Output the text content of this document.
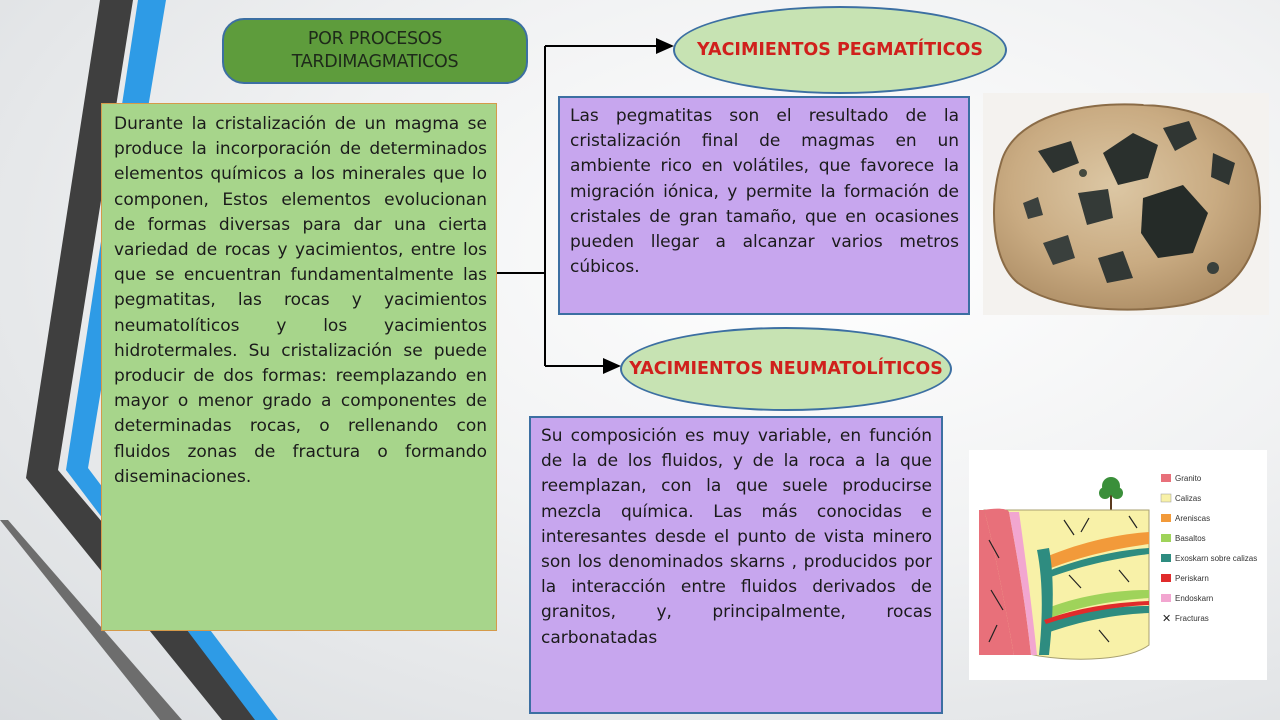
POR PROCESOS TARDIMAGMATICOS
YACIMIENTOS PEGMATÍTICOS
YACIMIENTOS NEUMATOLÍTICOS
Durante la cristalización de un magma se produce la incorporación de determinados elementos químicos a los minerales que lo componen, Estos elementos evolucionan de formas diversas para dar una cierta variedad de rocas y yacimientos, entre los que se encuentran fundamentalmente las pegmatitas, las rocas y yacimientos neumatolíticos y los yacimientos hidrotermales. Su cristalización se puede producir de dos formas: reemplazando en mayor o menor grado a componentes de determinadas rocas, o rellenando con fluidos zonas de fractura o formando diseminaciones.
Las pegmatitas son el resultado de la cristalización final de magmas en un ambiente rico en volátiles, que favorece la migración iónica, y permite la formación de cristales de gran tamaño, que en ocasiones pueden llegar a alcanzar varios metros cúbicos.
Su composición es muy variable, en función de la de los fluidos, y de la roca a la que reemplazan, con la que suele producirse mezcla química. Las más conocidas e interesantes desde el punto de vista minero son los denominados skarns , producidos por la interacción entre fluidos derivados de granitos, y, principalmente, rocas carbonatadas
Granito
Calizas
Areniscas
Basaltos
Exoskarn sobre calizas
Periskarn
Endoskarn
✕ Fracturas
